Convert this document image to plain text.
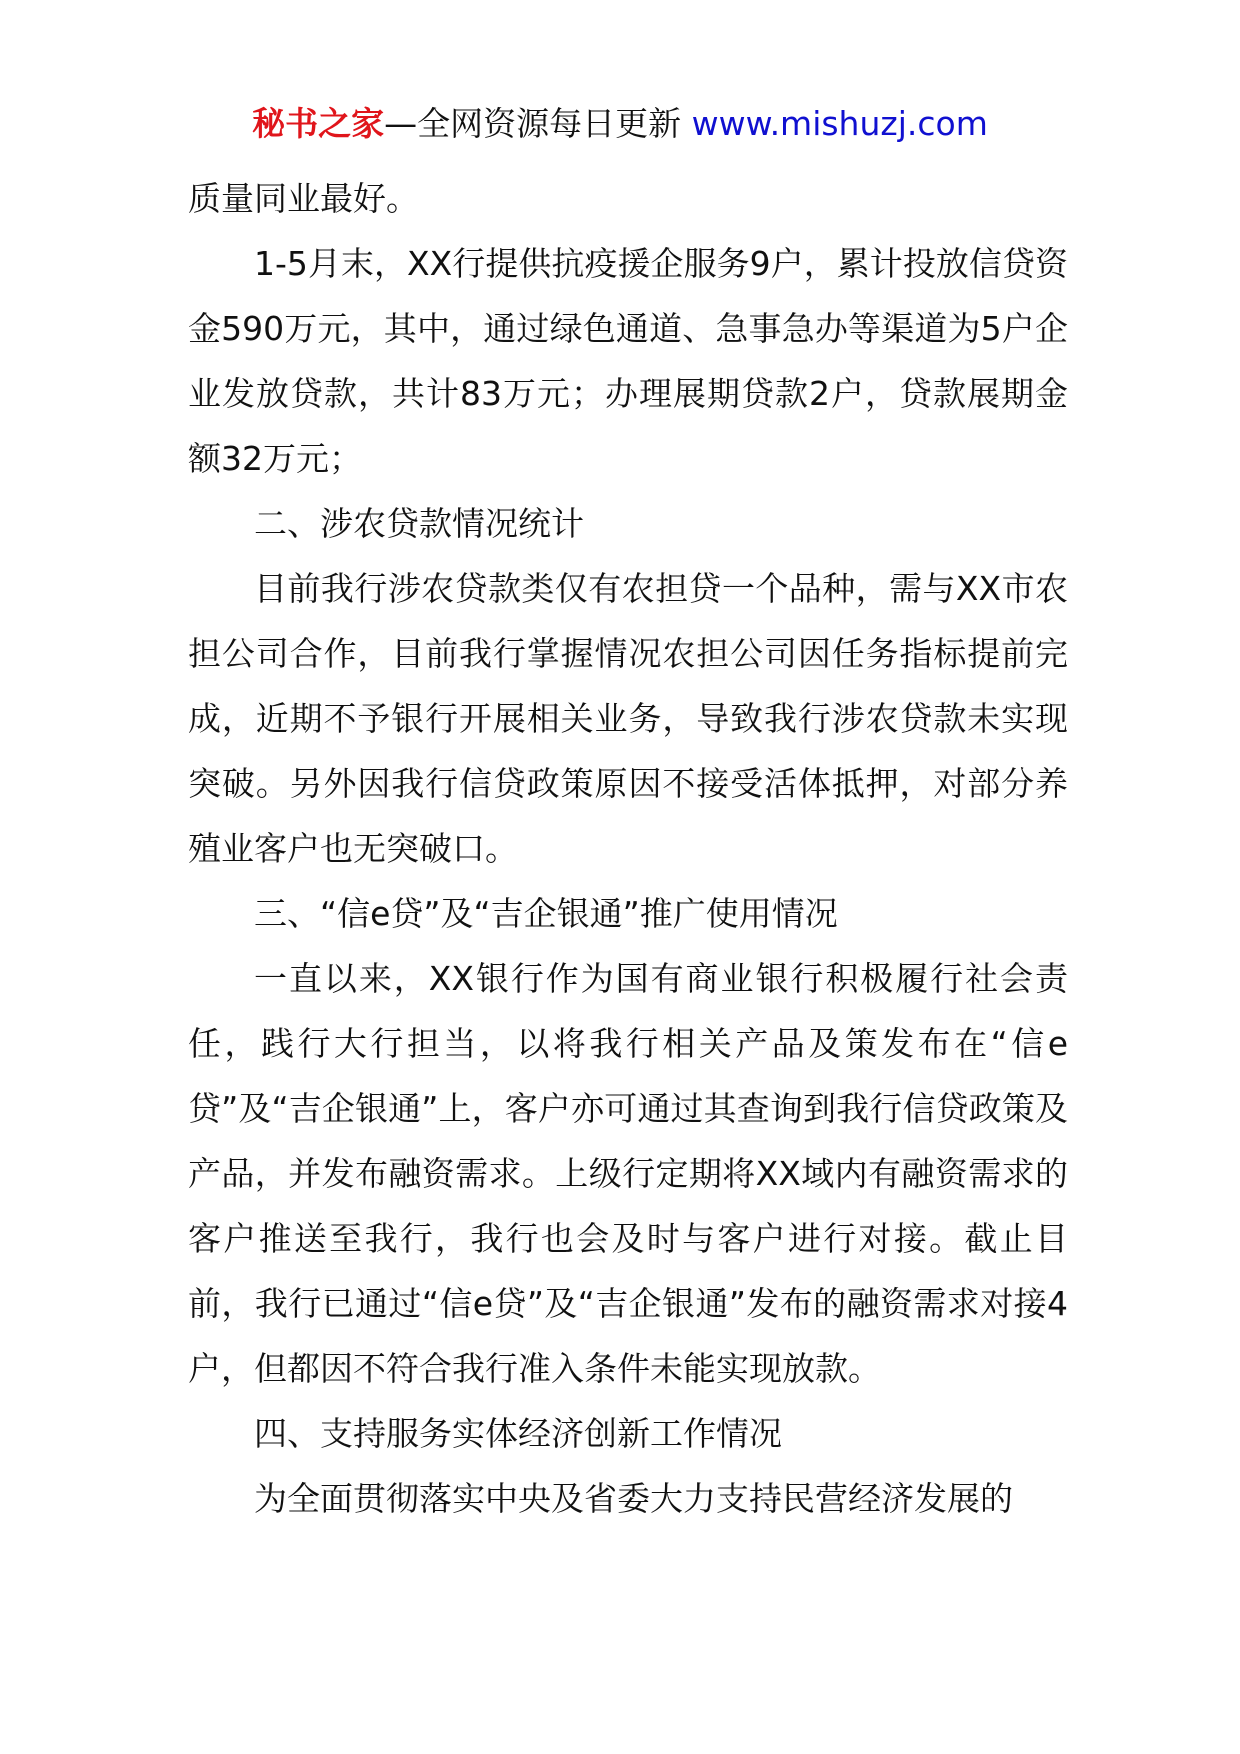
秘书之家—全网资源每日更新 www.mishuzj.com

质量同业最好。

1-5月末，XX行提供抗疫援企服务9户，累计投放信贷资金590万元，其中，通过绿色通道、急事急办等渠道为5户企业发放贷款，共计83万元；办理展期贷款2户，贷款展期金额32万元；

二、涉农贷款情况统计

目前我行涉农贷款类仅有农担贷一个品种，需与XX市农担公司合作，目前我行掌握情况农担公司因任务指标提前完成，近期不予银行开展相关业务，导致我行涉农贷款未实现突破。另外因我行信贷政策原因不接受活体抵押，对部分养殖业客户也无突破口。

三、“信e贷”及“吉企银通”推广使用情况

一直以来，XX银行作为国有商业银行积极履行社会责任，践行大行担当，以将我行相关产品及策发布在“信e贷”及“吉企银通”上，客户亦可通过其查询到我行信贷政策及产品，并发布融资需求。上级行定期将XX域内有融资需求的客户推送至我行，我行也会及时与客户进行对接。截止目前，我行已通过“信e贷”及“吉企银通”发布的融资需求对接4户，但都因不符合我行准入条件未能实现放款。

四、支持服务实体经济创新工作情况

为全面贯彻落实中央及省委大力支持民营经济发展的
